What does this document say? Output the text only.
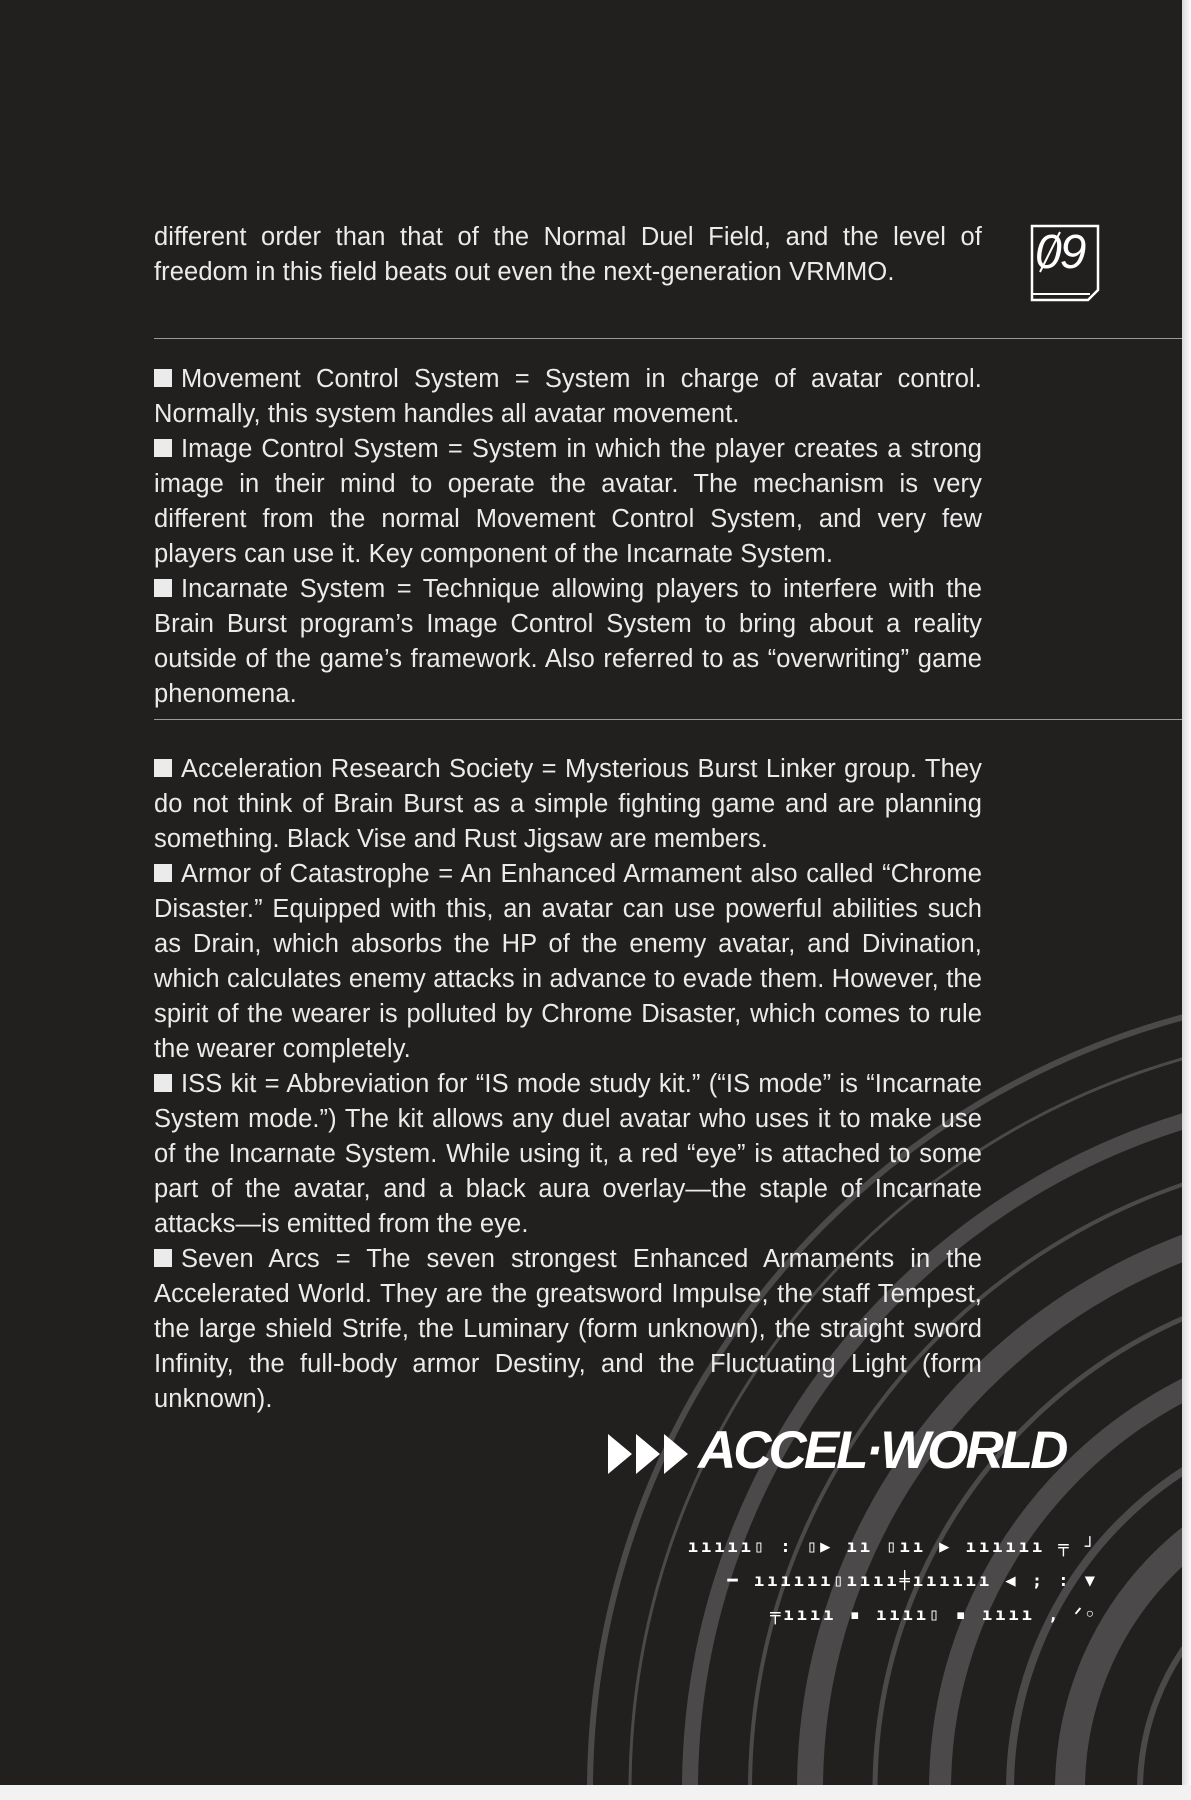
09

different order than that of the Normal Duel Field, and the level of freedom in this field beats out even the next-generation VRMMO.

Movement Control System = System in charge of avatar control. Normally, this system handles all avatar movement.

Image Control System = System in which the player creates a strong image in their mind to operate the avatar. The mechanism is very different from the normal Movement Control System, and very few players can use it. Key component of the Incarnate System.

Incarnate System = Technique allowing players to interfere with the Brain Burst program’s Image Control System to bring about a reality outside of the game’s framework. Also referred to as “overwriting” game phenomena.

Acceleration Research Society = Mysterious Burst Linker group. They do not think of Brain Burst as a simple fighting game and are planning something. Black Vise and Rust Jigsaw are members.

Armor of Catastrophe = An Enhanced Armament also called “Chrome Disaster.” Equipped with this, an avatar can use powerful abilities such as Drain, which absorbs the HP of the enemy avatar, and Divination, which calculates enemy attacks in advance to evade them. However, the spirit of the wearer is polluted by Chrome Disaster, which comes to rule the wearer completely.

ISS kit = Abbreviation for “IS mode study kit.” (“IS mode” is “Incarnate System mode.”) The kit allows any duel avatar who uses it to make use of the Incarnate System. While using it, a red “eye” is attached to some part of the avatar, and a black aura overlay—the staple of Incarnate attacks—is emitted from the eye.

Seven Arcs = The seven strongest Enhanced Armaments in the Accelerated World. They are the greatsword Impulse, the staff Tempest, the large shield Strife, the Luminary (form unknown), the straight sword Infinity, the full-body armor Destiny, and the Fluctuating Light (form unknown).

ACCEL·WORLD
ııııı▯ : ▯▶ ıı ▯ıı ▶ ıııııı ╤ ┘
━ ıııııı▯ıııı╪ıııııı ◀ ; : ▼
╤ıııı ▪ ıııı▯ ▪ ıııı , ᐟ◦
